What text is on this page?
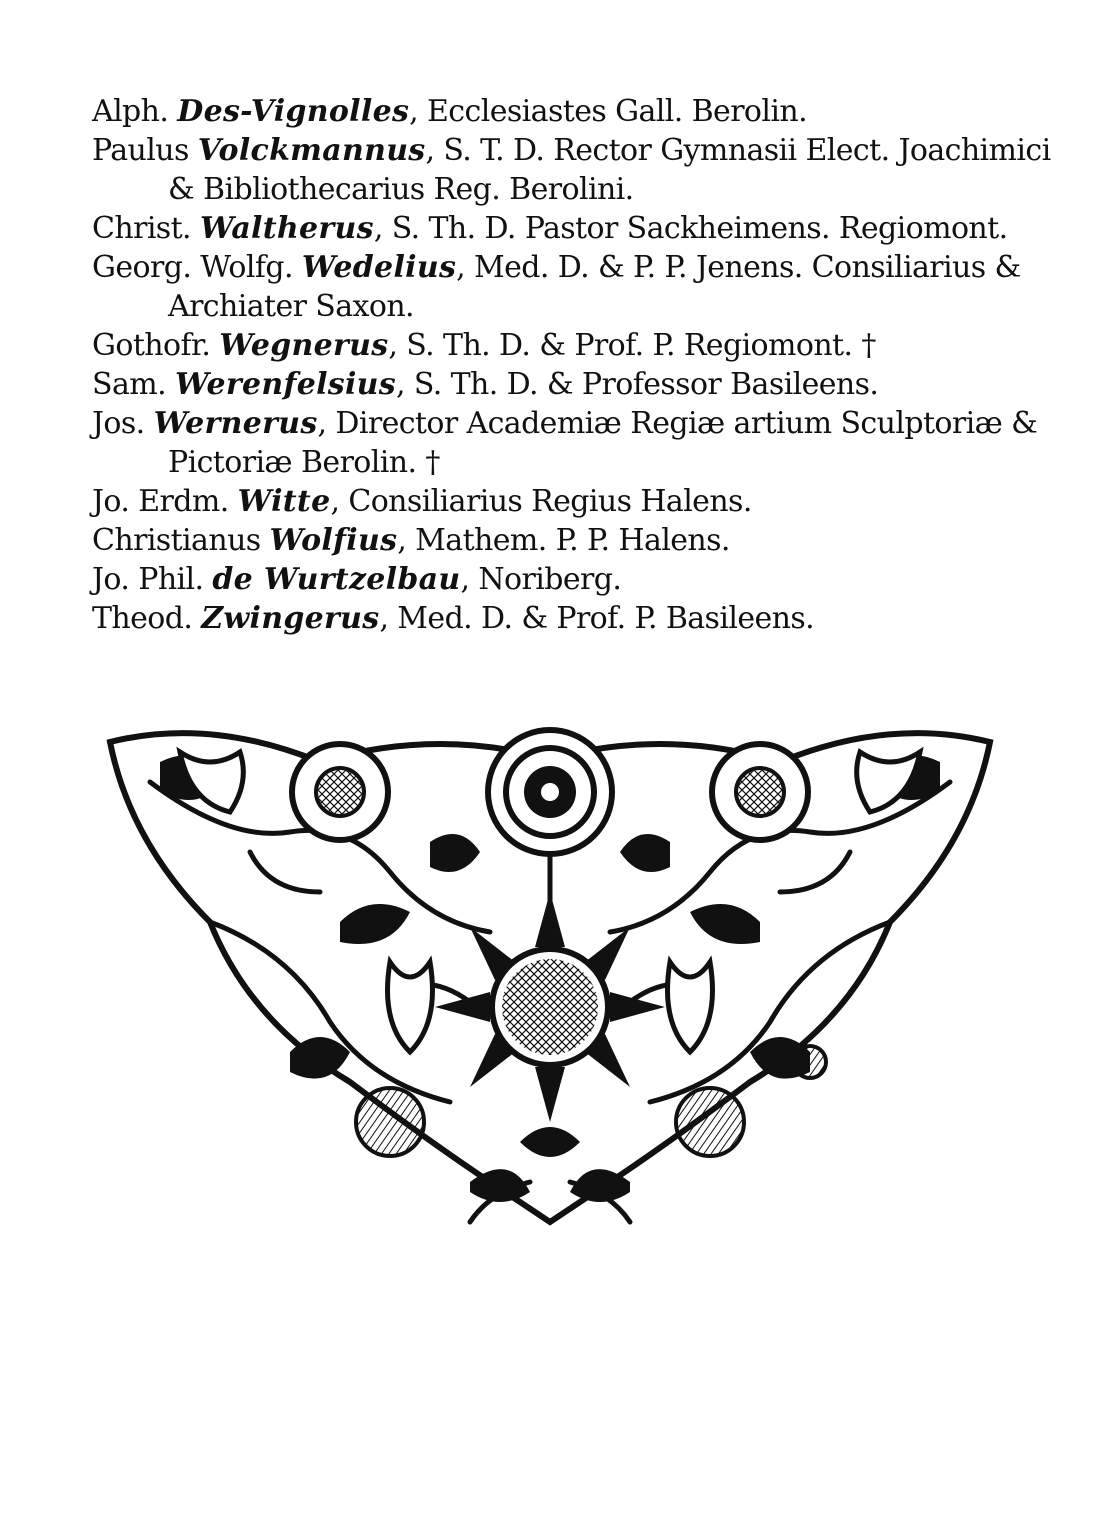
Alph. Des-Vignolles, Ecclesiastes Gall. Berolin.
Paulus Volckmannus, S. T. D. Rector Gymnasii Elect. Joachimici
& Bibliothecarius Reg. Berolini.
Christ. Waltherus, S. Th. D. Pastor Sackheimens. Regiomont.
Georg. Wolfg. Wedelius, Med. D. & P. P. Jenens. Consiliarius &
Archiater Saxon.
Gothofr. Wegnerus, S. Th. D. & Prof. P. Regiomont. †
Sam. Werenfelsius, S. Th. D. & Professor Basileens.
Jos. Wernerus, Director Academiæ Regiæ artium Sculptoriæ &
Pictoriæ Berolin. †
Jo. Erdm. Witte, Consiliarius Regius Halens.
Christianus Wolfius, Mathem. P. P. Halens.
Jo. Phil. de Wurtzelbau, Noriberg.
Theod. Zwingerus, Med. D. & Prof. P. Basileens.
